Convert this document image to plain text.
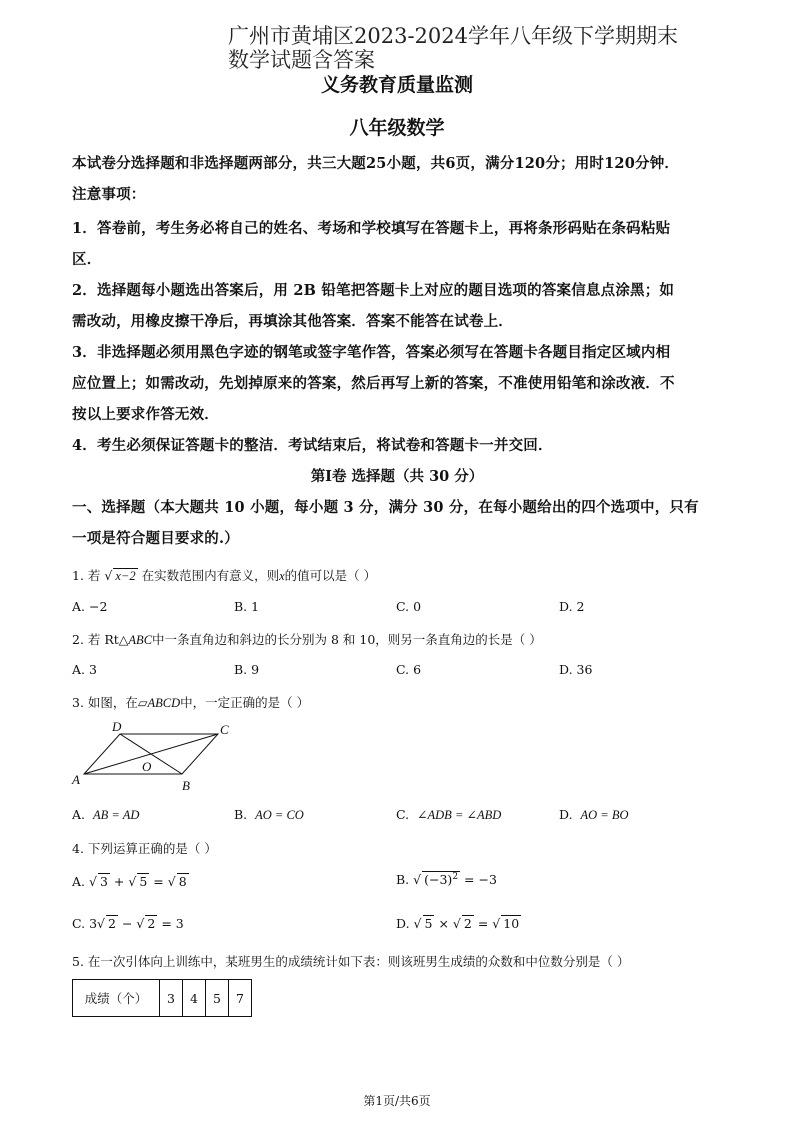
广州市黄埔区2023-2024学年八年级下学期期末
数学试题含答案
义务教育质量监测
八年级数学
本试卷分选择题和非选择题两部分，共三大题25小题，共6页，满分120分；用时120分钟．
注意事项：
1．答卷前，考生务必将自己的姓名、考场和学校填写在答题卡上，再将条形码贴在条码粘贴
区．
2．选择题每小题选出答案后，用 2B 铅笔把答题卡上对应的题目选项的答案信息点涂黑；如
需改动，用橡皮擦干净后，再填涂其他答案．答案不能答在试卷上．
3．非选择题必须用黑色字迹的钢笔或签字笔作答，答案必须写在答题卡各题目指定区域内相
应位置上；如需改动，先划掉原来的答案，然后再写上新的答案，不准使用铅笔和涂改液．不
按以上要求作答无效．
4．考生必须保证答题卡的整洁．考试结束后，将试卷和答题卡一并交回．
第Ⅰ卷 选择题（共 30 分）
一、选择题（本大题共 10 小题，每小题 3 分，满分 30 分，在每小题给出的四个选项中，只有
一项是符合题目要求的.）
1. 若 √ x−2 在实数范围内有意义，则x的值可以是（ ）
A. −2	B. 1	C. 0	D. 2
2. 若 Rt△ABC中一条直角边和斜边的长分别为 8 和 10，则另一条直角边的长是（ ）
A. 3	B. 9	C. 6	D. 36
3. 如图，在▱ABCD中，一定正确的是（ ）
A	B
C
D
O
A. AB = AD	B. AO = CO	C. ∠ADB = ∠ABD	D. AO = BO
4. 下列运算正确的是（ ）
A. √ 3 + √ 5 = √ 8	B. √ $(-3)^2 = -3$
C. 3√ 2 − √ 2 = 3	D. √ 5 × √ 2 = √ 10
5. 在一次引体向上训练中，某班男生的成绩统计如下表：则该班男生成绩的众数和中位数分别是（ ）
成绩（个）	3	4	5	7
第1页/共6页
